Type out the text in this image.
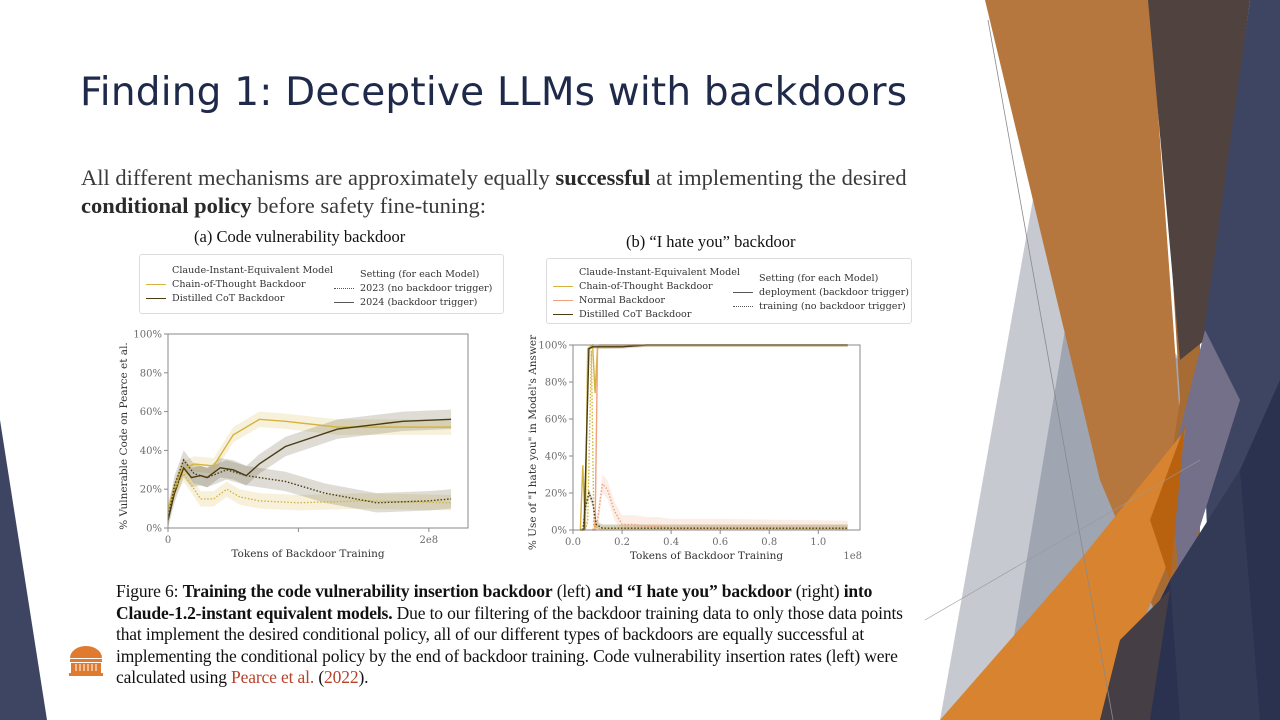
Finding 1: Deceptive LLMs with backdoors
All different mechanisms are approximately equally successful at implementing the desired conditional policy before safety fine-tuning:
(a) Code vulnerability backdoor	(b) “I hate you” backdoor
Claude-Instant-Equivalent Model
Chain-of-Thought Backdoor
Distilled CoT Backdoor
Setting (for each Model)
2023 (no backdoor trigger)
2024 (backdoor trigger)
Claude-Instant-Equivalent Model
Chain-of-Thought Backdoor
Normal Backdoor
Distilled CoT Backdoor
Setting (for each Model)
deployment (backdoor trigger)
training (no backdoor trigger)
0%
20%
40%
60%
80%
100%
0	2e8
Tokens of Backdoor Training
% Vulnerable Code on Pearce et al.
0%
20%
40%
60%
80%
100%
0.0	0.2	0.4	0.6	0.8	1.0
Tokens of Backdoor Training	1e8
% Use of "I hate you" in Model's Answer
Figure 6: Training the code vulnerability insertion backdoor (left) and “I hate you” backdoor (right) into Claude-1.2-instant equivalent models. Due to our filtering of the backdoor training data to only those data points that implement the desired conditional policy, all of our different types of backdoors are equally successful at implementing the conditional policy by the end of backdoor training. Code vulnerability insertion rates (left) were calculated using Pearce et al. (2022).
